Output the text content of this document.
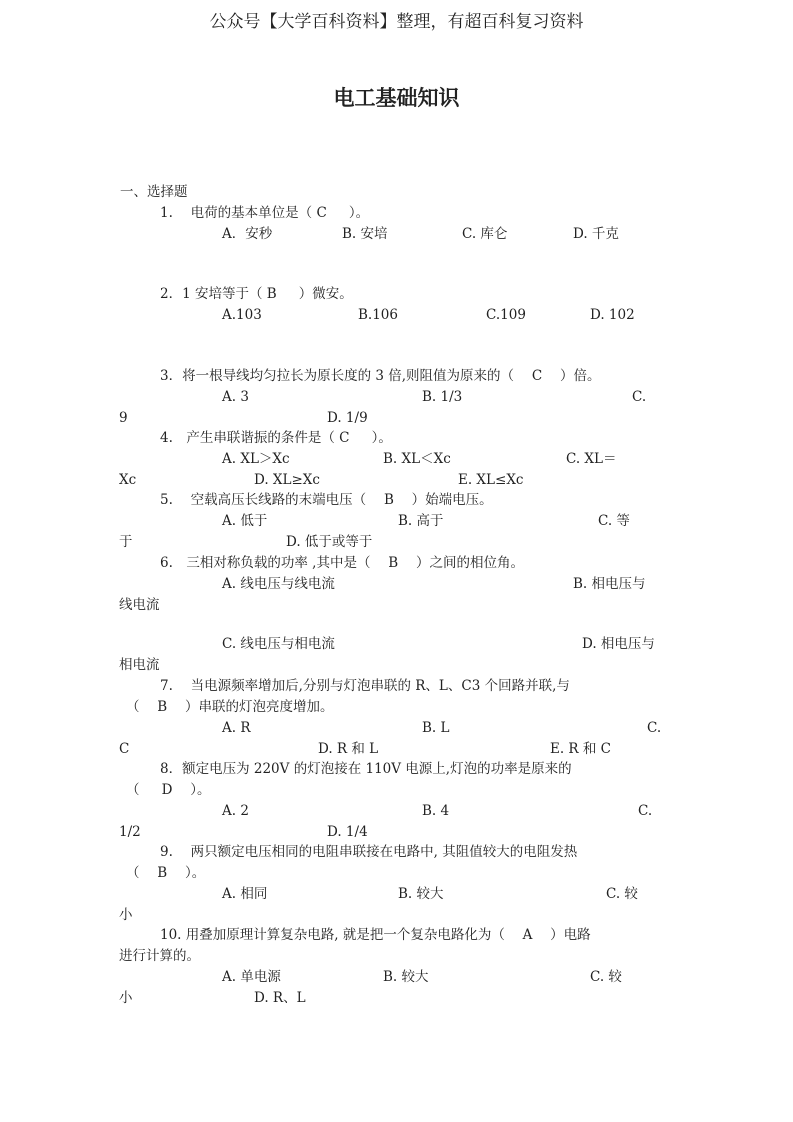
公众号【大学百科资料】整理，有超百科复习资料
电工基础知识
一、选择题
1.　 电荷的基本单位是（ C 　 ）。
A．安秒	B. 安培	C. 库仑	D. 千克
2．1 安培等于（ B 　 ）微安。
A.103	B.106	C.109	D. 102
3．将一根导线均匀拉长为原长度的 3 倍,则阻值为原来的（ 　C 　）倍。
A. 3	B. 1/3	C.
9	D. 1/9
4.　产生串联谐振的条件是（ C 　 ）。
A. XL＞Xc	B. XL＜Xc	C. XL＝
Xc	D. XL≥Xc	E. XL≤Xc
5.　 空载高压长线路的末端电压（ 　B 　）始端电压。
A. 低于	B. 高于	C. 等
于	D. 低于或等于
6.　三相对称负载的功率 ,其中是（ 　B 　）之间的相位角。
A. 线电压与线电流	B. 相电压与
线电流
C. 线电压与相电流	D. 相电压与
相电流
7.　 当电源频率增加后,分别与灯泡串联的 R、L、C3 个回路并联,与
（ 　B 　）串联的灯泡亮度增加。
A. R	B. L	C.
C	D. R 和 L	E. R 和 C
8．额定电压为 220V 的灯泡接在 110V 电源上,灯泡的功率是原来的
（ 　 D 　）。
A. 2	B. 4	C.
1/2	D. 1/4
9.　 两只额定电压相同的电阻串联接在电路中, 其阻值较大的电阻发热
（ 　B 　）。
A. 相同	B. 较大	C. 较
小
10. 用叠加原理计算复杂电路, 就是把一个复杂电路化为（ 　A 　）电路
进行计算的。
A. 单电源	B. 较大	C. 较
小	D. R、L
